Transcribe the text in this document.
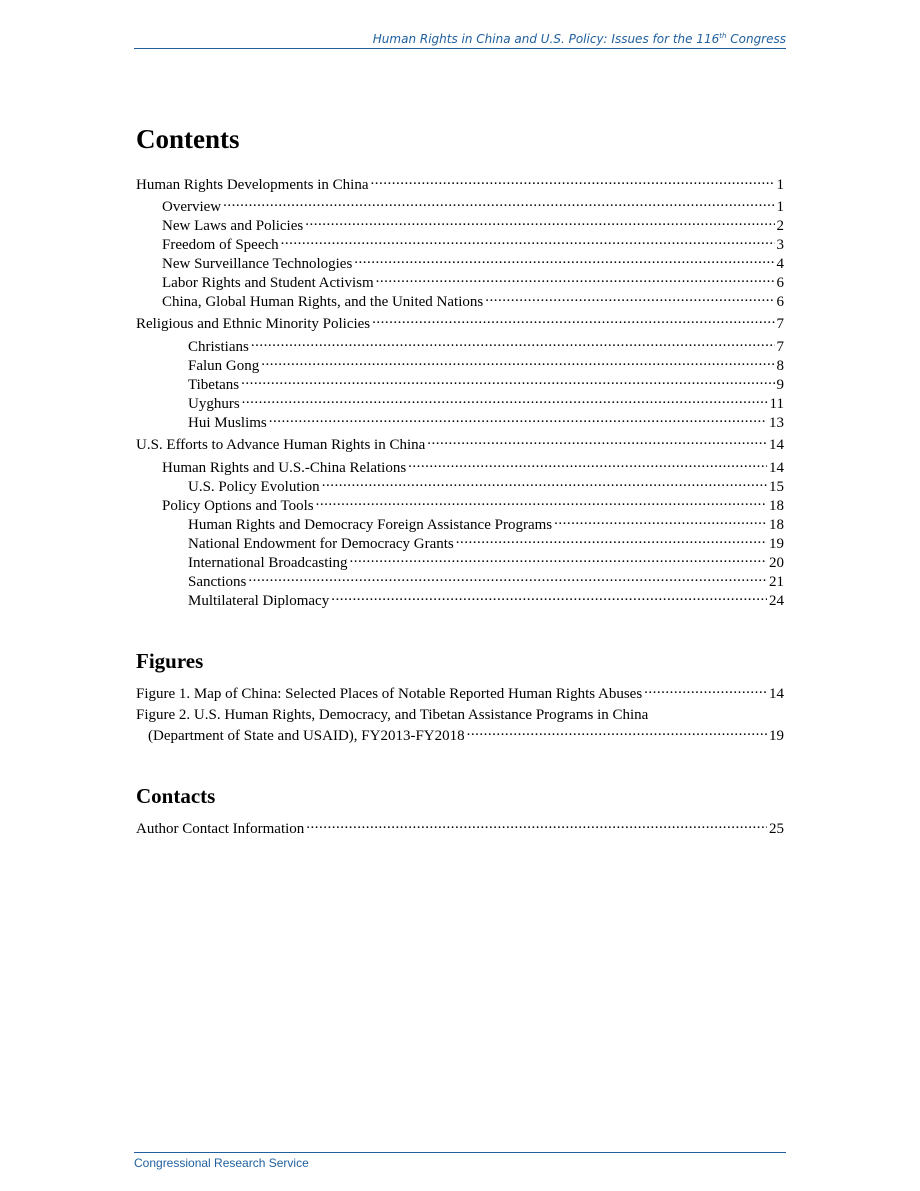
Human Rights in China and U.S. Policy: Issues for the 116th Congress
Contents
Human Rights Developments in China .....	1
Overview .....	1
New Laws and Policies .....	2
Freedom of Speech .....	3
New Surveillance Technologies .....	4
Labor Rights and Student Activism .....	6
China, Global Human Rights, and the United Nations .....	6
Religious and Ethnic Minority Policies .....	7
Christians .....	7
Falun Gong .....	8
Tibetans .....	9
Uyghurs .....	11
Hui Muslims .....	13
U.S. Efforts to Advance Human Rights in China .....	14
Human Rights and U.S.-China Relations .....	14
U.S. Policy Evolution .....	15
Policy Options and Tools .....	18
Human Rights and Democracy Foreign Assistance Programs .....	18
National Endowment for Democracy Grants .....	19
International Broadcasting .....	20
Sanctions .....	21
Multilateral Diplomacy .....	24
Figures
Figure 1. Map of China: Selected Places of Notable Reported Human Rights Abuses .....	14
Figure 2. U.S. Human Rights, Democracy, and Tibetan Assistance Programs in China
(Department of State and USAID), FY2013-FY2018 .....	19
Contacts
Author Contact Information .....	25
Congressional Research Service
